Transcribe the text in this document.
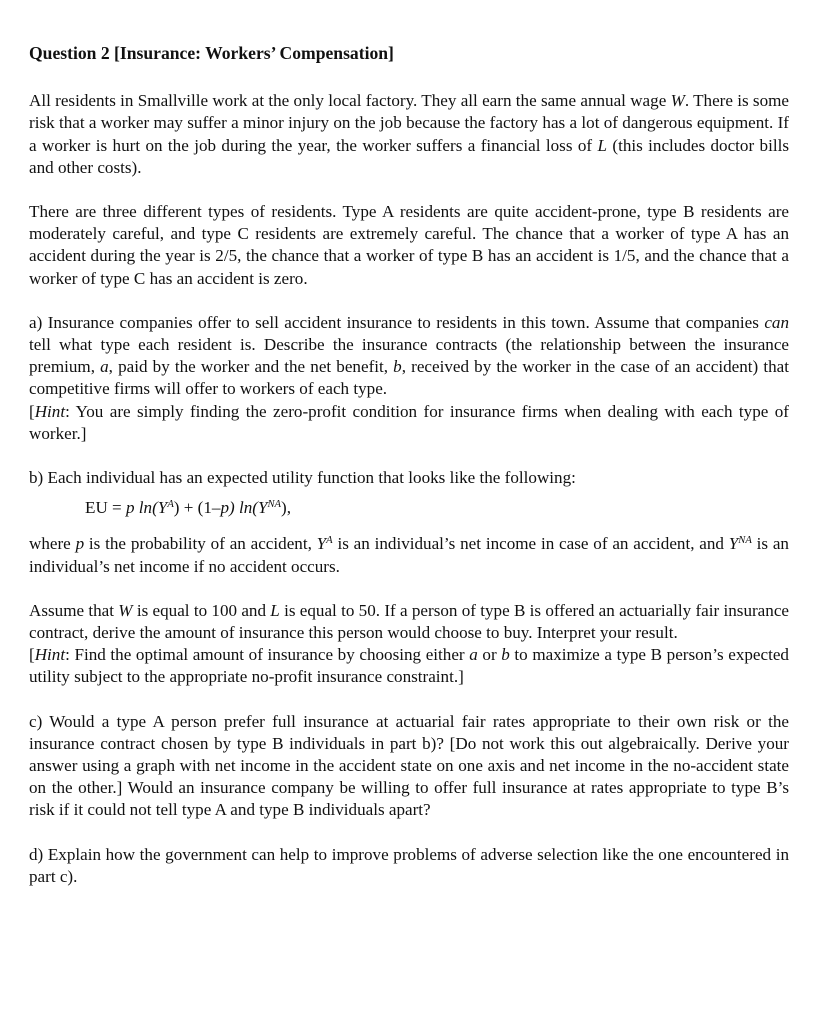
Question 2 [Insurance: Workers’ Compensation]

All residents in Smallville work at the only local factory. They all earn the same annual wage W. There is some risk that a worker may suffer a minor injury on the job because the factory has a lot of dangerous equipment. If a worker is hurt on the job during the year, the worker suffers a financial loss of L (this includes doctor bills and other costs).

There are three different types of residents. Type A residents are quite accident-prone, type B residents are moderately careful, and type C residents are extremely careful. The chance that a worker of type A has an accident during the year is 2/5, the chance that a worker of type B has an accident is 1/5, and the chance that a worker of type C has an accident is zero.

a) Insurance companies offer to sell accident insurance to residents in this town. Assume that companies can tell what type each resident is. Describe the insurance contracts (the relationship between the insurance premium, a, paid by the worker and the net benefit, b, received by the worker in the case of an accident) that competitive firms will offer to workers of each type.

[Hint: You are simply finding the zero-profit condition for insurance firms when dealing with each type of worker.]

b) Each individual has an expected utility function that looks like the following:

EU = p $\ln(Y^A) + (1-p)$ $\ln(Y^{NA})$,

where p is the probability of an accident, $Y^A$ is an individual’s net income in case of an accident, and $Y^{NA}$ is an individual’s net income if no accident occurs.

Assume that W is equal to 100 and L is equal to 50. If a person of type B is offered an actuarially fair insurance contract, derive the amount of insurance this person would choose to buy. Interpret your result.

[Hint: Find the optimal amount of insurance by choosing either a or b to maximize a type B person’s expected utility subject to the appropriate no-profit insurance constraint.]

c) Would a type A person prefer full insurance at actuarial fair rates appropriate to their own risk or the insurance contract chosen by type B individuals in part b)? [Do not work this out algebraically. Derive your answer using a graph with net income in the accident state on one axis and net income in the no-accident state on the other.] Would an insurance company be willing to offer full insurance at rates appropriate to type B’s risk if it could not tell type A and type B individuals apart?

d) Explain how the government can help to improve problems of adverse selection like the one encountered in part c).
